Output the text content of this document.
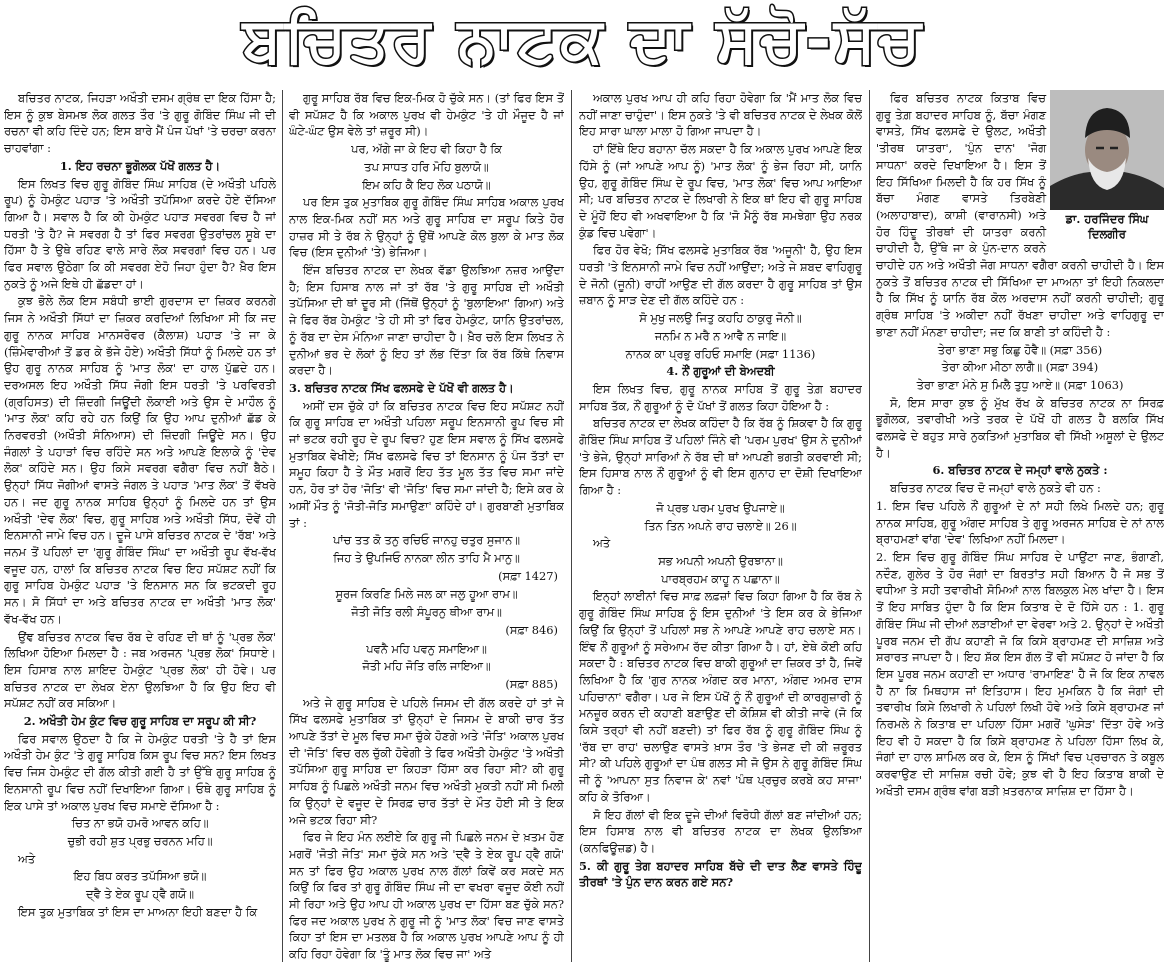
ਬਚਿਤਰ ਨਾਟਕ ਦਾ ਸੱਚੋ-ਸੱਚ

ਬਚਿਤਰ ਨਾਟਕ, ਜਿਹੜਾ ਅਖੌਤੀ ਦਸਮ ਗ੍ਰੰਥ ਦਾ ਇਕ ਹਿੱਸਾ ਹੈ; ਇਸ ਨੂੰ ਕੁਝ ਬੇਸਮਝ ਲੋਕ ਗਲਤ ਤੌਰ 'ਤੇ ਗੁਰੂ ਗੋਬਿੰਦ ਸਿੰਘ ਜੀ ਦੀ ਰਚਨਾ ਵੀ ਕਹਿ ਦਿੰਦੇ ਹਨ; ਇਸ ਬਾਰੇ ਮੈਂ ਪੰਜ ਪੱਖਾਂ 'ਤੇ ਚਰਚਾ ਕਰਨਾ ਚਾਹਵਾਂਗਾ :

1. ਇਹ ਰਚਨਾ ਭੂਗੋਲਕ ਪੱਖੋਂ ਗਲਤ ਹੈ।

ਇਸ ਲਿਖਤ ਵਿਚ ਗੁਰੂ ਗੋਬਿੰਦ ਸਿੰਘ ਸਾਹਿਬ (ਦੇ ਅਖੌਤੀ ਪਹਿਲੇ ਰੂਪ) ਨੂੰ ਹੇਮਕੁੰਟ ਪਹਾੜ 'ਤੇ ਅਖੌਤੀ ਤਪੱਸਿਆ ਕਰਦੇ ਹੋਏ ਦੱਸਿਆ ਗਿਆ ਹੈ। ਸਵਾਲ ਹੈ ਕਿ ਕੀ ਹੇਮਕੁੰਟ ਪਹਾੜ ਸਵਰਗ ਵਿਚ ਹੈ ਜਾਂ ਧਰਤੀ 'ਤੇ ਹੈ? ਜੇ ਸਵਰਗ ਹੈ ਤਾਂ ਫਿਰ ਸਵਰਗ ਉਤਰਾਂਚਲ ਸੂਬੇ ਦਾ ਹਿੱਸਾ ਹੈ ਤੇ ਉਥੇ ਰਹਿਣ ਵਾਲੇ ਸਾਰੇ ਲੋਕ ਸਵਰਗਾਂ ਵਿਚ ਹਨ। ਪਰ ਫਿਰ ਸਵਾਲ ਉਠੇਗਾ ਕਿ ਕੀ ਸਵਰਗ ਏਹੋ ਜਿਹਾ ਹੁੰਦਾ ਹੈ? ਖ਼ੈਰ ਇਸ ਨੁਕਤੇ ਨੂੰ ਅਜੇ ਇਥੇ ਹੀ ਛੱਡਦਾ ਹਾਂ।

ਕੁਝ ਭੋਲੇ ਲੋਕ ਇਸ ਸਬੰਧੀ ਭਾਈ ਗੁਰਦਾਸ ਦਾ ਜ਼ਿਕਰ ਕਰਨਗੇ ਜਿਸ ਨੇ ਅਖੌਤੀ ਸਿੱਧਾਂ ਦਾ ਜ਼ਿਕਰ ਕਰਦਿਆਂ ਲਿਖਿਆ ਸੀ ਕਿ ਜਦ ਗੁਰੂ ਨਾਨਕ ਸਾਹਿਬ ਮਾਨਸਰੋਵਰ (ਕੈਲਾਸ਼) ਪਹਾੜ 'ਤੇ ਜਾ ਕੇ (ਜ਼ਿੰਮੇਵਾਰੀਆਂ ਤੋਂ ਡਰ ਕੇ ਭੱਜੇ ਹੋਏ) ਅਖੌਤੀ ਸਿੱਧਾਂ ਨੂੰ ਮਿਲਦੇ ਹਨ ਤਾਂ ਉਹ ਗੁਰੂ ਨਾਨਕ ਸਾਹਿਬ ਨੂੰ 'ਮਾਤ ਲੋਕ' ਦਾ ਹਾਲ ਪੁੱਛਦੇ ਹਨ। ਦਰਅਸਲ ਇਹ ਅਖੌਤੀ ਸਿੱਧ ਜੋਗੀ ਇਸ ਧਰਤੀ 'ਤੇ ਪਰਵਿਰਤੀ (ਗ੍ਰਹਿਸਤ) ਦੀ ਜ਼ਿੰਦਗੀ ਜਿਊਂਦੀ ਲੋਕਾਈ ਅਤੇ ਉਸ ਦੇ ਮਾਹੌਲ ਨੂੰ 'ਮਾਤ ਲੋਕ' ਕਹਿ ਰਹੇ ਹਨ ਕਿਉਂ ਕਿ ਉਹ ਆਪ ਦੁਨੀਆਂ ਛੱਡ ਕੇ ਨਿਰਵਰਤੀ (ਅਖੌਤੀ ਸੰਨਿਆਸ) ਦੀ ਜ਼ਿੰਦਗੀ ਜਿਊਂਦੇ ਸਨ। ਉਹ ਜੰਗਲਾਂ ਤੇ ਪਹਾੜਾਂ ਵਿਚ ਰਹਿੰਦੇ ਸਨ ਅਤੇ ਆਪਣੇ ਇਲਾਕੇ ਨੂੰ 'ਦੇਵ ਲੋਕ' ਕਹਿੰਦੇ ਸਨ। ਉਹ ਕਿਸੇ ਸਵਰਗ ਵਗੈਰਾ ਵਿਚ ਨਹੀਂ ਬੈਠੇ। ਉਨ੍ਹਾਂ ਸਿੱਧ ਜੋਗੀਆਂ ਵਾਸਤੇ ਜੰਗਲ ਤੇ ਪਹਾੜ 'ਮਾਤ ਲੋਕ' ਤੋਂ ਵੱਖਰੇ ਹਨ। ਜਦ ਗੁਰੂ ਨਾਨਕ ਸਾਹਿਬ ਉਨ੍ਹਾਂ ਨੂੰ ਮਿਲਦੇ ਹਨ ਤਾਂ ਉਸ ਅਖੌਤੀ 'ਦੇਵ ਲੋਕ' ਵਿਚ, ਗੁਰੂ ਸਾਹਿਬ ਅਤੇ ਅਖੌਤੀ ਸਿੱਧ, ਦੋਵੇਂ ਹੀ ਇਨਸਾਨੀ ਜਾਮੇ ਵਿਚ ਹਨ। ਦੂਜੇ ਪਾਸੇ ਬਚਿਤਰ ਨਾਟਕ ਦੇ 'ਰੱਬ' ਅਤੇ ਜਨਮ ਤੋਂ ਪਹਿਲਾਂ ਦਾ 'ਗੁਰੂ ਗੋਬਿੰਦ ਸਿੰਘ' ਦਾ ਅਖੌਤੀ ਰੂਪ ਵੱਖ-ਵੱਖ ਵਜੂਦ ਹਨ, ਹਾਲਾਂ ਕਿ ਬਚਿਤਰ ਨਾਟਕ ਵਿਚ ਇਹ ਸਪੱਸ਼ਟ ਨਹੀਂ ਕਿ ਗੁਰੂ ਸਾਹਿਬ ਹੇਮਕੁੰਟ ਪਹਾੜ 'ਤੇ ਇਨਸਾਨ ਸਨ ਕਿ ਭਟਕਦੀ ਰੂਹ ਸਨ। ਸੋ ਸਿੱਧਾਂ ਦਾ ਅਤੇ ਬਚਿਤਰ ਨਾਟਕ ਦਾ ਅਖੌਤੀ 'ਮਾਤ ਲੋਕ' ਵੱਖ-ਵੱਖ ਹਨ।

ਉਂਞ ਬਚਿਤਰ ਨਾਟਕ ਵਿਚ ਰੱਬ ਦੇ ਰਹਿਣ ਦੀ ਥਾਂ ਨੂੰ 'ਪ੍ਰਭ ਲੋਕ' ਲਿਖਿਆ ਹੋਇਆ ਮਿਲਦਾ ਹੈ : ਜਬ ਅਰਜਨ 'ਪ੍ਰਭ ਲੋਕ' ਸਿਧਾਏ। ਇਸ ਹਿਸਾਬ ਨਾਲ ਸ਼ਾਇਦ ਹੇਮਕੁੰਟ 'ਪ੍ਰਭ ਲੋਕ' ਹੀ ਹੋਵੇ। ਪਰ ਬਚਿਤਰ ਨਾਟਕ ਦਾ ਲੇਖਕ ਏਨਾ ਉਲਝਿਆ ਹੈ ਕਿ ਉਹ ਇਹ ਵੀ ਸਪੱਸ਼ਟ ਨਹੀਂ ਕਰ ਸਕਿਆ।

2. ਅਖੌਤੀ ਹੇਮ ਕੁੰਟ ਵਿਚ ਗੁਰੂ ਸਾਹਿਬ ਦਾ ਸਰੂਪ ਕੀ ਸੀ?

ਫਿਰ ਸਵਾਲ ਉਠਦਾ ਹੈ ਕਿ ਜੇ ਹੇਮਕੁੰਟ ਧਰਤੀ 'ਤੇ ਹੈ ਤਾਂ ਇਸ ਅਖੌਤੀ ਹੇਮ ਕੁੰਟ 'ਤੇ ਗੁਰੂ ਸਾਹਿਬ ਕਿਸ ਰੂਪ ਵਿਚ ਸਨ? ਇਸ ਲਿਖਤ ਵਿਚ ਜਿਸ ਹੇਮਕੁੰਟ ਦੀ ਗੱਲ ਕੀਤੀ ਗਈ ਹੈ ਤਾਂ ਉੱਥੇ ਗੁਰੂ ਸਾਹਿਬ ਨੂੰ ਇਨਸਾਨੀ ਰੂਪ ਵਿਚ ਨਹੀਂ ਦਿਖਾਇਆ ਗਿਆ। ਓਥੇ ਗੁਰੂ ਸਾਹਿਬ ਨੂੰ ਇਕ ਪਾਸੇ ਤਾਂ ਅਕਾਲ ਪੁਰਖ ਵਿਚ ਸਮਾਏ ਦੱਸਿਆ ਹੈ :

ਚਿਤ ਨਾ ਭਯੋ ਹਮਰੋ ਆਵਨ ਕਹਿ॥

ਚੁਭੀ ਰਹੀ ਸ਼ੁਤ ਪ੍ਰਭੁ ਚਰਨਨ ਮਹਿ॥

ਅਤੇ

ਇਹ ਬਿਧ ਕਰਤ ਤਪੱਸਿਆ ਭਯੋ॥

ਦ੍ਵੈ ਤੇ ਏਕ ਰੂਪ ਹ੍ਵੈ ਗਯੋ॥

ਇਸ ਤੁਕ ਮੁਤਾਬਿਕ ਤਾਂ ਇਸ ਦਾ ਮਾਅਨਾ ਇਹੀ ਬਣਦਾ ਹੈ ਕਿ

ਗੁਰੂ ਸਾਹਿਬ ਰੱਬ ਵਿਚ ਇਕ-ਮਿਕ ਹੋ ਚੁੱਕੇ ਸਨ। (ਤਾਂ ਫਿਰ ਇਸ ਤੋਂ ਵੀ ਸਪੱਸ਼ਟ ਹੈ ਕਿ ਅਕਾਲ ਪੁਰਖ ਵੀ ਹੇਮਕੁੰਟ 'ਤੇ ਹੀ ਮੌਜੂਦ ਹੈ ਜਾਂ ਘੰਟੇ-ਘੰਟ ਉਸ ਵੇਲੇ ਤਾਂ ਜ਼ਰੂਰ ਸੀ)।

ਪਰ, ਅੱਗੇ ਜਾ ਕੇ ਇਹ ਵੀ ਕਿਹਾ ਹੈ ਕਿ

ਤਪ ਸਾਧਤ ਹਰਿ ਮੋਹਿ ਬੁਲਾਯੋ॥

ਇਮ ਕਹਿ ਕੈ ਇਹ ਲੋਕ ਪਠਾਯੋ॥

ਪਰ ਇਸ ਤੁਕ ਮੁਤਾਬਿਕ ਗੁਰੂ ਗੋਬਿੰਦ ਸਿੰਘ ਸਾਹਿਬ ਅਕਾਲ ਪੁਰਖ ਨਾਲ ਇਕ-ਮਿਕ ਨਹੀਂ ਸਨ ਅਤੇ ਗੁਰੂ ਸਾਹਿਬ ਦਾ ਸਰੂਪ ਕਿਤੇ ਹੋਰ ਹਾਜ਼ਰ ਸੀ ਤੇ ਰੱਬ ਨੇ ਉਨ੍ਹਾਂ ਨੂੰ ਉਥੋਂ ਆਪਣੇ ਕੋਲ ਬੁਲਾ ਕੇ ਮਾਤ ਲੋਕ ਵਿਚ (ਇਸ ਦੁਨੀਆਂ 'ਤੇ) ਭੇਜਿਆ।

ਇੰਜ ਬਚਿਤਰ ਨਾਟਕ ਦਾ ਲੇਖਕ ਵੱਡਾ ਉਲਝਿਆ ਨਜ਼ਰ ਆਉਂਦਾ ਹੈ; ਇਸ ਹਿਸਾਬ ਨਾਲ ਜਾਂ ਤਾਂ ਰੱਬ 'ਤੇ ਗੁਰੂ ਸਾਹਿਬ ਦੀ ਅਖੌਤੀ ਤਪੱਸਿਆ ਦੀ ਥਾਂ ਦੂਰ ਸੀ (ਜਿੱਥੋਂ ਉਨ੍ਹਾਂ ਨੂੰ 'ਬੁਲਾਇਆ' ਗਿਆ) ਅਤੇ ਜੇ ਫਿਰ ਰੱਬ ਹੇਮਕੁੰਟ 'ਤੇ ਹੀ ਸੀ ਤਾਂ ਫਿਰ ਹੇਮਕੁੰਟ, ਯਾਨਿ ਉਤਰਾਂਚਲ, ਨੂੰ ਰੱਬ ਦਾ ਦੇਸ ਮੰਨਿਆ ਜਾਣਾ ਚਾਹੀਦਾ ਹੈ। ਖ਼ੈਰ ਚਲੋ ਇਸ ਲਿਖਤ ਨੇ ਦੁਨੀਆਂ ਭਰ ਦੇ ਲੋਕਾਂ ਨੂੰ ਇਹ ਤਾਂ ਲੱਭ ਦਿੱਤਾ ਕਿ ਰੱਬ ਕਿੱਥੇ ਨਿਵਾਸ ਕਰਦਾ ਹੈ।

3. ਬਚਿਤਰ ਨਾਟਕ ਸਿੱਖ ਫਲਸਫੇ ਦੇ ਪੱਖੋਂ ਵੀ ਗਲਤ ਹੈ।

ਅਸੀਂ ਦਸ ਚੁੱਕੇ ਹਾਂ ਕਿ ਬਚਿਤਰ ਨਾਟਕ ਵਿਚ ਇਹ ਸਪੱਸ਼ਟ ਨਹੀਂ ਕਿ ਗੁਰੂ ਸਾਹਿਬ ਦਾ ਅਖੌਤੀ ਪਹਿਲਾ ਸਰੂਪ ਇਨਸਾਨੀ ਰੂਪ ਵਿਚ ਸੀ ਜਾਂ ਭਟਕ ਰਹੀ ਰੂਹ ਦੇ ਰੂਪ ਵਿਚ? ਹੁਣ ਇਸ ਸਵਾਲ ਨੂੰ ਸਿੱਖ ਫਲਸਫੇ ਮੁਤਾਬਿਕ ਵੇਖੀਏ; ਸਿੱਖ ਫਲਸਫੇ ਵਿਚ ਤਾਂ ਇਨਸਾਨ ਨੂੰ ਪੰਜ ਤੱਤਾਂ ਦਾ ਸਮੂਹ ਕਿਹਾ ਹੈ ਤੇ ਮੌਤ ਮਗਰੋਂ ਇਹ ਤੱਤ ਮੂਲ ਤੱਤ ਵਿਚ ਸਮਾ ਜਾਂਦੇ ਹਨ, ਹੋਰ ਤਾਂ ਹੋਰ 'ਜੋਤਿ' ਵੀ 'ਜੋਤਿ' ਵਿਚ ਸਮਾ ਜਾਂਦੀ ਹੈ; ਇਸੇ ਕਰ ਕੇ ਅਸੀਂ ਮੌਤ ਨੂੰ 'ਜੋਤੀ-ਜੋਤਿ ਸਮਾਉਣਾ' ਕਹਿੰਦੇ ਹਾਂ। ਗੁਰਬਾਣੀ ਮੁਤਾਬਿਕ ਤਾਂ :

ਪਾਂਚ ਤਤ ਕੋ ਤਨੁ ਰਚਿਓ ਜਾਨਹੁ ਚਤੁਰ ਸੁਜਾਨ॥

ਜਿਹ ਤੇ ਉਪਜਿਓ ਨਾਨਕਾ ਲੀਨ ਤਾਹਿ ਮੈ ਮਾਨੁ॥

(ਸਫ਼ਾ 1427)

ਸੂਰਜ ਕਿਰਣਿ ਮਿਲੇ ਜਲ ਕਾ ਜਲੁ ਹੂਆ ਰਾਮ॥

ਜੋਤੀ ਜੋਤਿ ਰਲੀ ਸੰਪੂਰਨੁ ਥੀਆ ਰਾਮ॥

(ਸਫ਼ਾ 846)

ਪਵਨੈ ਮਹਿ ਪਵਨੁ ਸਮਾਇਆ॥

ਜੋਤੀ ਮਹਿ ਜੋਤਿ ਰਲਿ ਜਾਇਆ॥

(ਸਫ਼ਾ 885)

ਅਤੇ ਜੇ ਗੁਰੂ ਸਾਹਿਬ ਦੇ ਪਹਿਲੇ ਜਿਸਮ ਦੀ ਗੱਲ ਕਰਦੇ ਹਾਂ ਤਾਂ ਜੇ ਸਿੱਖ ਫਲਸਫੇ ਮੁਤਾਬਿਕ ਤਾਂ ਉਨ੍ਹਾਂ ਦੇ ਜਿਸਮ ਦੇ ਬਾਕੀ ਚਾਰ ਤੱਤ ਆਪਣੇ ਤੱਤਾਂ ਦੇ ਮੂਲ ਵਿਚ ਸਮਾ ਚੁੱਕੇ ਹੋਣਗੇ ਅਤੇ 'ਜੋਤਿ' ਅਕਾਲ ਪੁਰਖ ਦੀ 'ਜੋਤਿ' ਵਿਚ ਰਲ ਚੁੱਕੀ ਹੋਵੇਗੀ ਤੇ ਫਿਰ ਅਖੌਤੀ ਹੇਮਕੁੰਟ 'ਤੇ ਅਖੌਤੀ ਤਪੱਸਿਆ ਗੁਰੂ ਸਾਹਿਬ ਦਾ ਕਿਹੜਾ ਹਿੱਸਾ ਕਰ ਰਿਹਾ ਸੀ? ਕੀ ਗੁਰੂ ਸਾਹਿਬ ਨੂੰ ਪਿਛਲੇ ਅਖੌਤੀ ਜਨਮ ਵਿਚ ਅਖੌਤੀ ਮੁਕਤੀ ਨਹੀਂ ਸੀ ਮਿਲੀ ਕਿ ਉਨ੍ਹਾਂ ਦੇ ਵਜੂਦ ਦੇ ਸਿਰਫ਼ ਚਾਰ ਤੱਤਾਂ ਦੇ ਮੌਤ ਹੋਈ ਸੀ ਤੇ ਇਕ ਅਜੇ ਭਟਕ ਰਿਹਾ ਸੀ?

ਫਿਰ ਜੇ ਇਹ ਮੰਨ ਲਈਏ ਕਿ ਗੁਰੂ ਜੀ ਪਿਛਲੇ ਜਨਮ ਦੇ ਖ਼ਤਮ ਹੋਣ ਮਗਰੋਂ 'ਜੋਤੀ ਜੋਤਿ' ਸਮਾ ਚੁੱਕੇ ਸਨ ਅਤੇ 'ਦ੍ਵੈ ਤੇ ਏਕ ਰੂਪ ਹ੍ਵੈ ਗਯੋ' ਸਨ ਤਾਂ ਫਿਰ ਉਹ ਅਕਾਲ ਪੁਰਖ ਨਾਲ ਗੱਲਾਂ ਕਿਵੇਂ ਕਰ ਸਕਦੇ ਸਨ ਕਿਉਂ ਕਿ ਫਿਰ ਤਾਂ ਗੁਰੂ ਗੋਬਿੰਦ ਸਿੰਘ ਜੀ ਦਾ ਵਖਰਾ ਵਜੂਦ ਕੋਈ ਨਹੀਂ ਸੀ ਰਿਹਾ ਅਤੇ ਉਹ ਆਪ ਹੀ ਅਕਾਲ ਪੁਰਖ ਦਾ ਹਿੱਸਾ ਬਣ ਚੁੱਕੇ ਸਨ? ਫਿਰ ਜਦ ਅਕਾਲ ਪੁਰਖ ਨੇ ਗੁਰੂ ਜੀ ਨੂੰ 'ਮਾਤ ਲੋਕ' ਵਿਚ ਜਾਣ ਵਾਸਤੇ ਕਿਹਾ ਤਾਂ ਇਸ ਦਾ ਮਤਲਬ ਹੈ ਕਿ ਅਕਾਲ ਪੁਰਖ ਆਪਣੇ ਆਪ ਨੂੰ ਹੀ ਕਹਿ ਰਿਹਾ ਹੋਵੇਗਾ ਕਿ 'ਤੂੰ ਮਾਤ ਲੋਕ ਵਿਚ ਜਾ' ਅਤੇ

ਅਕਾਲ ਪੁਰਖ ਆਪ ਹੀ ਕਹਿ ਰਿਹਾ ਹੋਵੇਗਾ ਕਿ 'ਮੈਂ ਮਾਤ ਲੋਕ ਵਿਚ ਨਹੀਂ ਜਾਣਾ ਚਾਹੁੰਦਾ'। ਇਸ ਨੁਕਤੇ 'ਤੇ ਵੀ ਬਚਿਤਰ ਨਾਟਕ ਦੇ ਲੇਖਕ ਕੋਲੋਂ ਇਹ ਸਾਰਾ ਘਾਲਾ ਮਾਲਾ ਹੋ ਗਿਆ ਜਾਪਦਾ ਹੈ।

ਹਾਂ ਇੱਥੇ ਇਹ ਬਹਾਨਾ ਚੱਲ ਸਕਦਾ ਹੈ ਕਿ ਅਕਾਲ ਪੁਰਖ ਆਪਣੇ ਇਕ ਹਿੱਸੇ ਨੂੰ (ਜਾਂ ਆਪਣੇ ਆਪ ਨੂੰ) 'ਮਾਤ ਲੋਕ' ਨੂੰ ਭੇਜ ਰਿਹਾ ਸੀ, ਯਾਨਿ ਉਹ, ਗੁਰੂ ਗੋਬਿੰਦ ਸਿੰਘ ਦੇ ਰੂਪ ਵਿਚ, 'ਮਾਤ ਲੋਕ' ਵਿਚ ਆਪ ਆਇਆ ਸੀ; ਪਰ ਬਚਿਤਰ ਨਾਟਕ ਦੇ ਲਿਖਾਰੀ ਨੇ ਇਕ ਥਾਂ ਇਹ ਵੀ ਗੁਰੂ ਸਾਹਿਬ ਦੇ ਮੂੰਹੋਂ ਇਹ ਵੀ ਅਖਵਾਇਆ ਹੈ ਕਿ 'ਜੋ ਮੈਨੂੰ ਰੱਬ ਸਮਝੇਗਾ ਉਹ ਨਰਕ ਕੁੰਡ ਵਿਚ ਪਵੇਗਾ'।

ਫਿਰ ਹੋਰ ਵੇਖੋ; ਸਿੱਖ ਫਲਸਫੇ ਮੁਤਾਬਿਕ ਰੱਬ 'ਅਜੂਨੀ' ਹੈ, ਉਹ ਇਸ ਧਰਤੀ 'ਤੇ ਇਨਸਾਨੀ ਜਾਮੇ ਵਿਚ ਨਹੀਂ ਆਉਂਦਾ; ਅਤੇ ਜੇ ਸ਼ਬਦ ਵਾਹਿਗੁਰੂ ਦੇ ਜੋਨੀ (ਜੂਨੀ) ਰਾਹੀਂ ਆਉਣ ਦੀ ਗੱਲ ਕਰਦਾ ਹੈ ਗੁਰੂ ਸਾਹਿਬ ਤਾਂ ਉਸ ਜ਼ਬਾਨ ਨੂੰ ਸਾੜ ਦੇਣ ਦੀ ਗੱਲ ਕਹਿੰਦੇ ਹਨ :

ਸੋ ਮੁਖੁ ਜਲਉ ਜਿਤੁ ਕਹਹਿ ਠਾਕੁਰੁ ਜੋਨੀ॥

ਜਨਮਿ ਨ ਮਰੈ ਨ ਆਵੈ ਨ ਜਾਇ॥

ਨਾਨਕ ਕਾ ਪ੍ਰਭੁ ਰਹਿਓ ਸਮਾਇ (ਸਫ਼ਾ 1136)

4. ਨੌਂ ਗੁਰੂਆਂ ਦੀ ਬੇਅਦਬੀ

ਇਸ ਲਿਖਤ ਵਿਚ, ਗੁਰੂ ਨਾਨਕ ਸਾਹਿਬ ਤੋਂ ਗੁਰੂ ਤੇਗ਼ ਬਹਾਦਰ ਸਾਹਿਬ ਤੱਕ, ਨੌਂ ਗੁਰੂਆਂ ਨੂੰ ਦੋ ਪੱਖਾਂ ਤੋਂ ਗਲਤ ਕਿਹਾ ਹੋਇਆ ਹੈ :

ਬਚਿਤਰ ਨਾਟਕ ਦਾ ਲੇਖਕ ਕਹਿੰਦਾ ਹੈ ਕਿ ਰੱਬ ਨੂੰ ਸ਼ਿਕਵਾ ਹੈ ਕਿ ਗੁਰੂ ਗੋਬਿੰਦ ਸਿੰਘ ਸਾਹਿਬ ਤੋਂ ਪਹਿਲਾਂ ਜਿੰਨੇ ਵੀ 'ਪਰਮ ਪੁਰਖ' ਉਸ ਨੇ ਦੁਨੀਆਂ 'ਤੇ ਭੇਜੇ, ਉਨ੍ਹਾਂ ਸਾਰਿਆਂ ਨੇ ਰੱਬ ਦੀ ਥਾਂ ਆਪਣੀ ਭਗਤੀ ਕਰਵਾਈ ਸੀ; ਇਸ ਹਿਸਾਬ ਨਾਲ ਨੌਂ ਗੁਰੂਆਂ ਨੂੰ ਵੀ ਇਸ ਗੁਨਾਹ ਦਾ ਦੋਸ਼ੀ ਦਿਖਾਇਆ ਗਿਆ ਹੈ :

ਜੋ ਪ੍ਰਭ ਪਰਮ ਪੁਰਖ ਉਪਜਾਏ॥

ਤਿਨ ਤਿਨ ਅਪਨੇ ਰਾਹ ਚਲਾਏ॥ 26॥

ਅਤੇ

ਸਭ ਅਪਨੀ ਅਪਨੀ ਉਰਝਾਨਾ॥

ਪਾਰਬ੍ਰਹਮ ਕਾਹੂ ਨ ਪਛਾਨਾ॥

ਇਨ੍ਹਾਂ ਲਾਈਨਾਂ ਵਿਚ ਸਾਫ਼ ਲਫ਼ਜ਼ਾਂ ਵਿਚ ਕਿਹਾ ਗਿਆ ਹੈ ਕਿ ਰੱਬ ਨੇ ਗੁਰੂ ਗੋਬਿੰਦ ਸਿੰਘ ਸਾਹਿਬ ਨੂੰ ਇਸ ਦੁਨੀਆਂ 'ਤੇ ਇਸ ਕਰ ਕੇ ਭੇਜਿਆ ਕਿਉਂ ਕਿ ਉਨ੍ਹਾਂ ਤੋਂ ਪਹਿਲਾਂ ਸਭ ਨੇ ਆਪਣੇ ਆਪਣੇ ਰਾਹ ਚਲਾਏ ਸਨ। ਇੰਞ ਨੌਂ ਗੁਰੂਆਂ ਨੂੰ ਸਰੇਆਮ ਰੱਦ ਕੀਤਾ ਗਿਆ ਹੈ। ਹਾਂ, ਏਥੇ ਕੋਈ ਕਹਿ ਸਕਦਾ ਹੈ : ਬਚਿਤਰ ਨਾਟਕ ਵਿਚ ਬਾਕੀ ਗੁਰੂਆਂ ਦਾ ਜ਼ਿਕਰ ਤਾਂ ਹੈ, ਜਿਵੇਂ ਲਿਖਿਆ ਹੈ ਕਿ 'ਗੁਰ ਨਾਨਕ ਅੰਗਦ ਕਰ ਮਾਨਾ, ਅੰਗਦ ਅਮਰ ਦਾਸ ਪਹਿਚਾਨਾ' ਵਗੈਰਾ। ਪਰ ਜੇ ਇਸ ਪੱਖੋਂ ਨੂੰ ਨੌਂ ਗੁਰੂਆਂ ਦੀ ਕਾਰਗੁਜ਼ਾਰੀ ਨੂੰ ਮਨਜ਼ੂਰ ਕਰਨ ਦੀ ਕਹਾਣੀ ਬਣਾਉਣ ਦੀ ਕੋਸ਼ਿਸ਼ ਵੀ ਕੀਤੀ ਜਾਵੇ (ਜੋ ਕਿ ਕਿਸੇ ਤਰ੍ਹਾਂ ਵੀ ਨਹੀਂ ਬਣਦੀ) ਤਾਂ ਫਿਰ ਰੱਬ ਨੂੰ ਗੁਰੂ ਗੋਬਿੰਦ ਸਿੰਘ ਨੂੰ 'ਰੱਬ ਦਾ ਰਾਹ' ਚਲਾਉਣ ਵਾਸਤੇ ਖ਼ਾਸ ਤੌਰ 'ਤੇ ਭੇਜਣ ਦੀ ਕੀ ਜ਼ਰੂਰਤ ਸੀ? ਕੀ ਪਹਿਲੇ ਗੁਰੂਆਂ ਦਾ ਪੰਥ ਗਲਤ ਸੀ ਜੋ ਉਸ ਨੇ ਗੁਰੂ ਗੋਬਿੰਦ ਸਿੰਘ ਜੀ ਨੂੰ 'ਆਪਨਾ ਸੁਤ ਨਿਵਾਜ ਕੇ' ਨਵਾਂ 'ਪੰਥ ਪ੍ਰਚੁਰ ਕਰਬੇ ਕਹ ਸਾਜਾ' ਕਹਿ ਕੇ ਤੋਰਿਆ।

ਸੋ ਇਹ ਗੱਲਾਂ ਵੀ ਇਕ ਦੂਜੇ ਦੀਆਂ ਵਿਰੋਧੀ ਗੱਲਾਂ ਬਣ ਜਾਂਦੀਆਂ ਹਨ; ਇਸ ਹਿਸਾਬ ਨਾਲ ਵੀ ਬਚਿਤਰ ਨਾਟਕ ਦਾ ਲੇਖਕ ਉਲਝਿਆ (ਕਨਫਿਊਜ਼ਡ) ਹੈ।

5. ਕੀ ਗੁਰੂ ਤੇਗ ਬਹਾਦਰ ਸਾਹਿਬ ਬੱਚੇ ਦੀ ਦਾਤ ਲੈਣ ਵਾਸਤੇ ਹਿੰਦੂ ਤੀਰਥਾਂ 'ਤੇ ਪੁੰਨ ਦਾਨ ਕਰਨ ਗਏ ਸਨ?

ਡਾ. ਹਰਜਿੰਦਰ ਸਿੰਘ ਦਿਲਗੀਰ

ਫਿਰ ਬਚਿਤਰ ਨਾਟਕ ਕਿਤਾਬ ਵਿਚ ਗੁਰੂ ਤੇਗ਼ ਬਹਾਦਰ ਸਾਹਿਬ ਨੂੰ, ਬੱਚਾ ਮੰਗਣ ਵਾਸਤੇ, ਸਿੱਖ ਫਲਸਫੇ ਦੇ ਉਲਟ, ਅਖੌਤੀ 'ਤੀਰਥ ਯਾਤਰਾ', 'ਪੁੰਨ ਦਾਨ' 'ਜੋਗ ਸਾਧਨਾ' ਕਰਦੇ ਦਿਖਾਇਆ ਹੈ। ਇਸ ਤੋਂ ਇਹ ਸਿੱਖਿਆ ਮਿਲਦੀ ਹੈ ਕਿ ਹਰ ਸਿੱਖ ਨੂੰ ਬੱਚਾ ਮੰਗਣ ਵਾਸਤੇ ਤਿਰਬੇਣੀ (ਅਲਾਹਾਬਾਦ), ਕਾਸ਼ੀ (ਵਾਰਾਨਸੀ) ਅਤੇ ਹੋਰ ਹਿੰਦੂ ਤੀਰਥਾਂ ਦੀ ਯਾਤਰਾ ਕਰਨੀ ਚਾਹੀਦੀ ਹੈ, ਉੱਥੇ ਜਾ ਕੇ ਪੁੰਨ-ਦਾਨ ਕਰਨੇ ਚਾਹੀਦੇ ਹਨ ਅਤੇ ਅਖੌਤੀ ਜੋਗ ਸਾਧਨਾ ਵਗੈਰਾ ਕਰਨੀ ਚਾਹੀਦੀ ਹੈ। ਇਸ ਨੁਕਤੇ ਤੋਂ ਬਚਿਤਰ ਨਾਟਕ ਦੀ ਸਿੱਖਿਆ ਦਾ ਮਾਅਨਾ ਤਾਂ ਇਹੀ ਨਿਕਲਦਾ ਹੈ ਕਿ ਸਿੱਖ ਨੂੰ ਯਾਨਿ ਰੱਬ ਕੋਲ ਅਰਦਾਸ ਨਹੀਂ ਕਰਨੀ ਚਾਹੀਦੀ; ਗੁਰੂ ਗ੍ਰੰਥ ਸਾਹਿਬ 'ਤੇ ਅਕੀਦਾ ਨਹੀਂ ਰੱਖਣਾ ਚਾਹੀਦਾ ਅਤੇ ਵਾਹਿਗੁਰੂ ਦਾ ਭਾਣਾ ਨਹੀਂ ਮੰਨਣਾ ਚਾਹੀਦਾ; ਜਦ ਕਿ ਬਾਣੀ ਤਾਂ ਕਹਿੰਦੀ ਹੈ :

ਤੇਰਾ ਭਾਣਾ ਸਭੁ ਕਿਛੁ ਹੋਵੈ॥ (ਸਫ਼ਾ 356)

ਤੇਰਾ ਕੀਆ ਮੀਠਾ ਲਾਗੈ॥ (ਸਫ਼ਾ 394)

ਤੇਰਾ ਭਾਣਾ ਮੰਨੇ ਸੁ ਮਿਲੈ ਤੁਧੁ ਆਏ॥ (ਸਫ਼ਾ 1063)

ਸੋ, ਇਸ ਸਾਰਾ ਕੁਝ ਨੂੰ ਮੁੱਖ ਰੱਖ ਕੇ ਬਚਿਤਰ ਨਾਟਕ ਨਾ ਸਿਰਫ਼ ਭੂਗੋਲਕ, ਤਵਾਰੀਖੀ ਅਤੇ ਤਰਕ ਦੇ ਪੱਖੋਂ ਹੀ ਗਲਤ ਹੈ ਬਲਕਿ ਸਿੱਖ ਫਲਸਫੇ ਦੇ ਬਹੁਤ ਸਾਰੇ ਨੁਕਤਿਆਂ ਮੁਤਾਬਿਕ ਵੀ ਸਿੱਖੀ ਅਸੂਲਾਂ ਦੇ ਉਲਟ ਹੈ।

6. ਬਚਿਤਰ ਨਾਟਕ ਦੇ ਜਮ੍ਹਾਂ ਵਾਲੇ ਨੁਕਤੇ :

ਬਚਿਤਰ ਨਾਟਕ ਵਿਚ ਦੋ ਜਮ੍ਹਾਂ ਵਾਲੇ ਨੁਕਤੇ ਵੀ ਹਨ :

1. ਇਸ ਵਿਚ ਪਹਿਲੇ ਨੌਂ ਗੁਰੂਆਂ ਦੇ ਨਾਂ ਸਹੀ ਲਿਖੇ ਮਿਲਦੇ ਹਨ; ਗੁਰੂ ਨਾਨਕ ਸਾਹਿਬ, ਗੁਰੂ ਅੰਗਦ ਸਾਹਿਬ ਤੇ ਗੁਰੂ ਅਰਜਨ ਸਾਹਿਬ ਦੇ ਨਾਂ ਨਾਲ ਬ੍ਰਾਹਮਣਾਂ ਵਾਂਗ 'ਦੇਵ' ਲਿਖਿਆ ਨਹੀਂ ਮਿਲਦਾ।

2. ਇਸ ਵਿਚ ਗੁਰੂ ਗੋਬਿੰਦ ਸਿੰਘ ਸਾਹਿਬ ਦੇ ਪਾਉਂਟਾ ਜਾਣ, ਭੰਗਾਣੀ, ਨਦੌਣ, ਗੁਲੇਰ ਤੇ ਹੋਰ ਜੰਗਾਂ ਦਾ ਬਿਰਤਾਂਤ ਸਹੀ ਬਿਆਨ ਹੈ ਜੋ ਸਭ ਤੋਂ ਵਧੀਆ ਤੇ ਸਹੀ ਤਵਾਰੀਖੀ ਸੋਮਿਆਂ ਨਾਲ ਬਿਲਕੁਲ ਮੇਲ ਖਾਂਦਾ ਹੈ। ਇਸ ਤੋਂ ਇਹ ਸਾਬਿਤ ਹੁੰਦਾ ਹੈ ਕਿ ਇਸ ਕਿਤਾਬ ਦੇ ਦੋ ਹਿੱਸੇ ਹਨ : 1. ਗੁਰੂ ਗੋਬਿੰਦ ਸਿੰਘ ਜੀ ਦੀਆਂ ਲੜਾਈਆਂ ਦਾ ਵੇਰਵਾ ਅਤੇ 2. ਉਨ੍ਹਾਂ ਦੇ ਅਖੌਤੀ ਪੂਰਬ ਜਨਮ ਦੀ ਗੱਪ ਕਹਾਣੀ ਜੋ ਕਿ ਕਿਸੇ ਬ੍ਰਾਹਮਣ ਦੀ ਸਾਜ਼ਿਸ਼ ਅਤੇ ਸ਼ਰਾਰਤ ਜਾਪਦਾ ਹੈ। ਇਹ ਸ਼ੱਕ ਇਸ ਗੱਲ ਤੋਂ ਵੀ ਸਪੱਸ਼ਟ ਹੋ ਜਾਂਦਾ ਹੈ ਕਿ ਇਸ ਪੂਰਬ ਜਨਮ ਕਹਾਣੀ ਦਾ ਅਧਾਰ 'ਰਾਮਾਇਣ' ਹੈ ਜੋ ਕਿ ਇਕ ਨਾਵਲ ਹੈ ਨਾ ਕਿ ਮਿਥਹਾਸ ਜਾਂ ਇਤਿਹਾਸ। ਇਹ ਮੁਮਕਿਨ ਹੈ ਕਿ ਜੰਗਾਂ ਦੀ ਤਵਾਰੀਖ ਕਿਸੇ ਲਿਖਾਰੀ ਨੇ ਪਹਿਲਾਂ ਲਿਖੀ ਹੋਵੇ ਅਤੇ ਕਿਸੇ ਬ੍ਰਾਹਮਣ ਜਾਂ ਨਿਰਮਲੇ ਨੇ ਕਿਤਾਬ ਦਾ ਪਹਿਲਾ ਹਿੱਸਾ ਮਗਰੋਂ 'ਘੁਸੇੜ' ਦਿੱਤਾ ਹੋਵੇ ਅਤੇ ਇਹ ਵੀ ਹੋ ਸਕਦਾ ਹੈ ਕਿ ਕਿਸੇ ਬ੍ਰਾਹਮਣ ਨੇ ਪਹਿਲਾ ਹਿੱਸਾ ਲਿਖ ਕੇ, ਜੰਗਾਂ ਦਾ ਹਾਲ ਸ਼ਾਮਿਲ ਕਰ ਕੇ, ਇਸ ਨੂੰ ਸਿੱਖਾਂ ਵਿਚ ਪ੍ਰਚਾਰਨ ਤੇ ਕਬੂਲ ਕਰਵਾਉਣ ਦੀ ਸਾਜ਼ਿਸ਼ ਰਚੀ ਹੋਵੇ; ਕੁਝ ਵੀ ਹੈ ਇਹ ਕਿਤਾਬ ਬਾਕੀ ਦੇ ਅਖੌਤੀ ਦਸਮ ਗ੍ਰੰਥ ਵਾਂਗ ਬੜੀ ਖ਼ਤਰਨਾਕ ਸਾਜ਼ਿਸ਼ ਦਾ ਹਿੱਸਾ ਹੈ।
